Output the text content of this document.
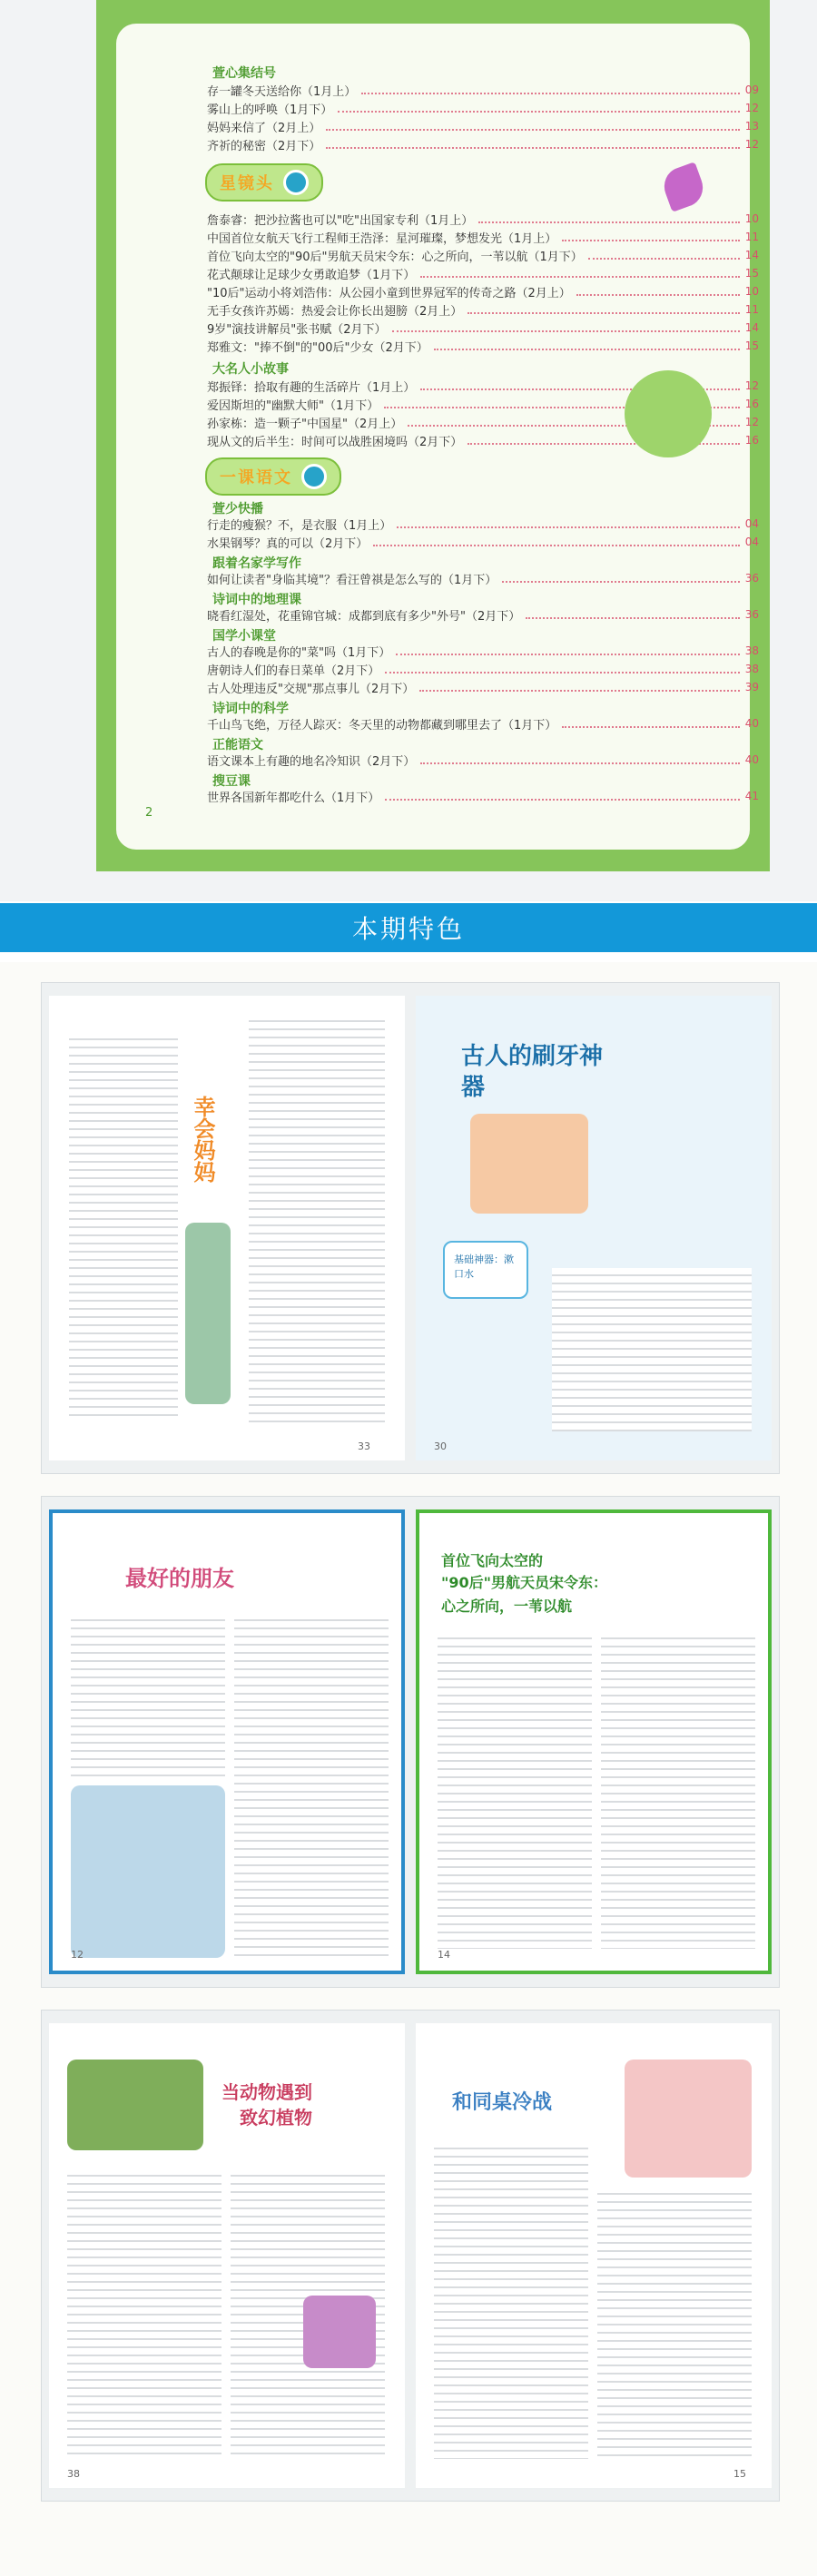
萱心集结号
存一罐冬天送给你（1月上）	09
雾山上的呼唤（1月下）	12
妈妈来信了（2月上）	13
齐祈的秘密（2月下）	12
星镜头
詹泰睿：把沙拉酱也可以"吃"出国家专利（1月上）	10
中国首位女航天飞行工程师王浩泽：星河璀璨，梦想发光（1月上）	11
首位飞向太空的"90后"男航天员宋令东：心之所向，一苇以航（1月下）	14
花式颠球让足球少女勇敢追梦（1月下）	15
"10后"运动小将刘浩伟：从公园小童到世界冠军的传奇之路（2月上）	10
无手女孩许苏嫣：热爱会让你长出翅膀（2月上）	11
9岁"演技讲解员"张书赋（2月下）	14
郑雅文："捧不倒"的"00后"少女（2月下）	15
大名人小故事
郑振铎：拾取有趣的生活碎片（1月上）	12
爱因斯坦的"幽默大师"（1月下）	16
孙家栋：造一颗子"中国星"（2月上）	12
现从文的后半生：时间可以战胜困境吗（2月下）	16
一课语文
萱少快播
行走的瘦猴？不，是衣服（1月上）	04
水果钢琴？真的可以（2月下）	04
跟着名家学写作
如何让读者"身临其境"？看汪曾祺是怎么写的（1月下）	36
诗词中的地理课
晓看红湿处，花重锦官城：成都到底有多少"外号"（2月下）	36
国学小课堂
古人的春晚是你的"菜"吗（1月下）	38
唐朝诗人们的春日菜单（2月下）	38
古人处理违反"交规"那点事儿（2月下）	39
诗词中的科学
千山鸟飞绝，万径人踪灭：冬天里的动物都藏到哪里去了（1月下）	40
正能语文
语文课本上有趣的地名冷知识（2月下）	40
搜豆课
世界各国新年都吃什么（1月下）	41
2
本期特色
幸会妈妈
33
古人的刷牙神器
基础神器：漱口水
30
最好的朋友
12
首位飞向太空的
"90后"男航天员宋令东：
心之所向，一苇以航
14
当动物遇到
致幻植物
38
和同桌冷战
15
